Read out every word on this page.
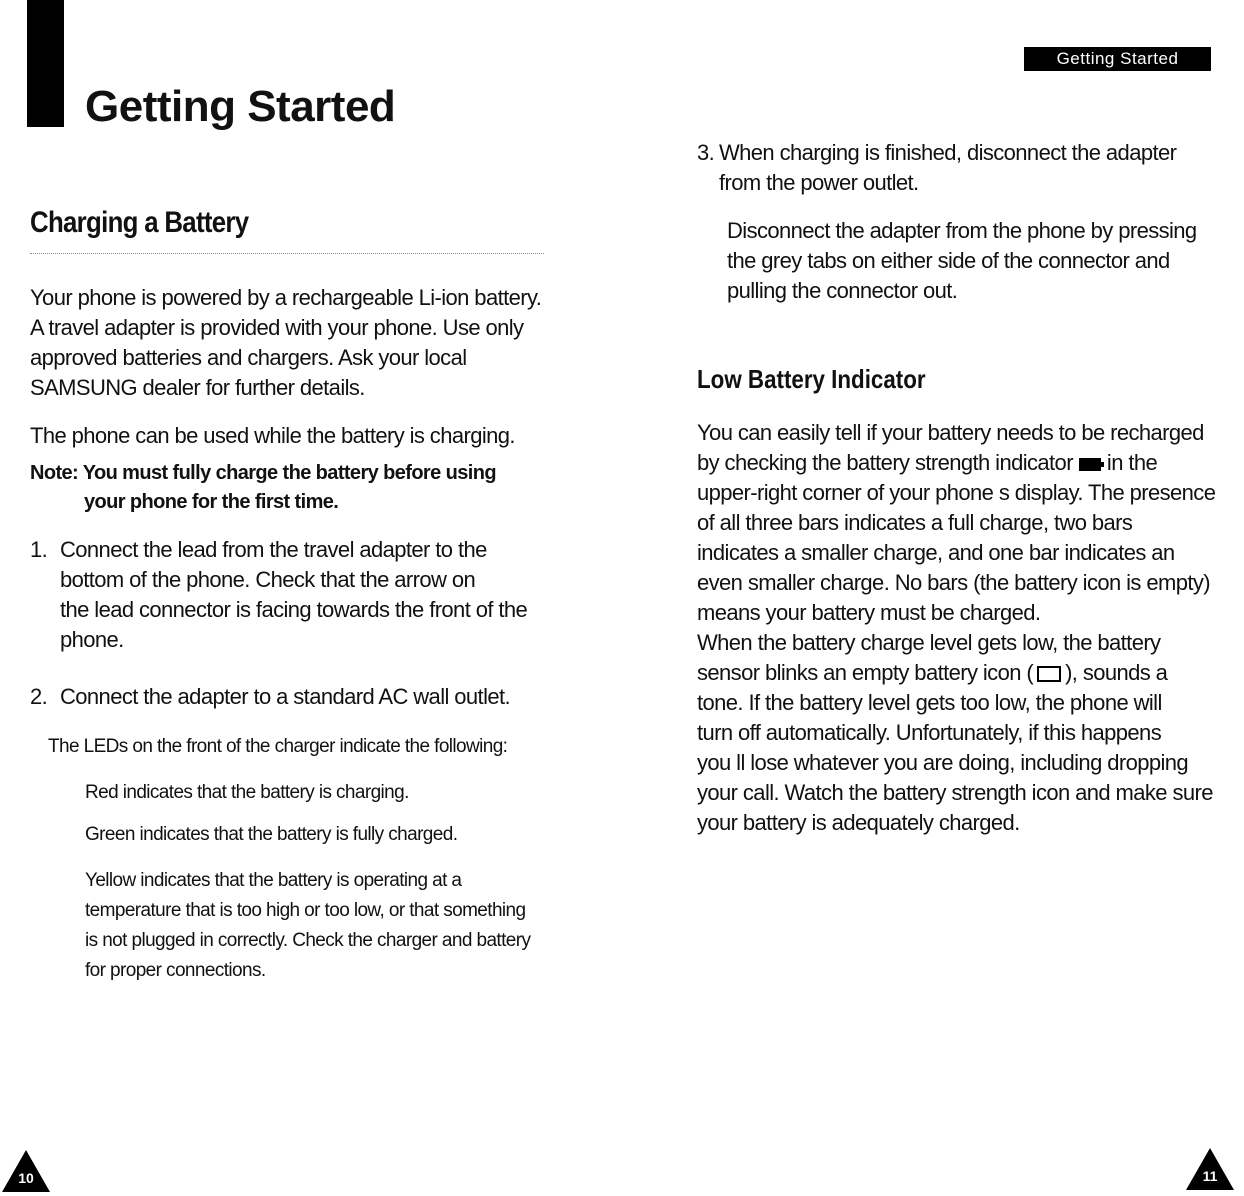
Getting Started
Getting Started
Charging a Battery
Your phone is powered by a rechargeable Li-ion battery.
A travel adapter is provided with your phone. Use only
approved batteries and chargers. Ask your local
SAMSUNG dealer for further details.

The phone can be used while the battery is charging.

Note: You must fully charge the battery before using
your phone for the first time.
1. Connect the lead from the travel adapter to the
bottom of the phone. Check that the arrow on
the lead connector is facing towards the front of the
phone.
2. Connect the adapter to a standard AC wall outlet.

The LEDs on the front of the charger indicate the following:

Red indicates that the battery is charging.

Green indicates that the battery is fully charged.

Yellow indicates that the battery is operating at a
temperature that is too high or too low, or that something
is not plugged in correctly. Check the charger and battery
for proper connections.
3. When charging is finished, disconnect the adapter
from the power outlet.
Disconnect the adapter from the phone by pressing
the grey tabs on either side of the connector and
pulling the connector out.
Low Battery Indicator
You can easily tell if your battery needs to be recharged
by checking the battery strength indicator in the
upper-right corner of your phone s display. The presence
of all three bars indicates a full charge, two bars
indicates a smaller charge, and one bar indicates an
even smaller charge. No bars (the battery icon is empty)
means your battery must be charged.
When the battery charge level gets low, the battery
sensor blinks an empty battery icon ( ), sounds a
tone. If the battery level gets too low, the phone will
turn off automatically. Unfortunately, if this happens
you ll lose whatever you are doing, including dropping
your call. Watch the battery strength icon and make sure
your battery is adequately charged.
10	11
